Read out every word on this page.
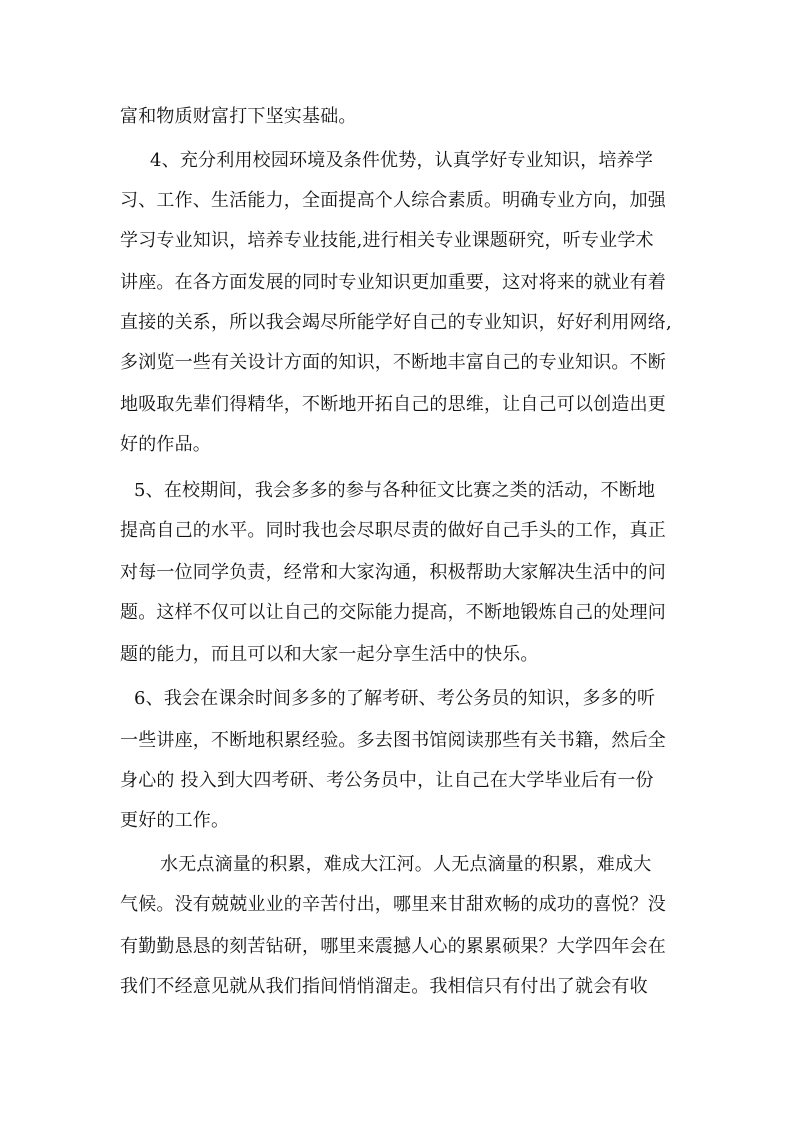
富和物质财富打下坚实基础。
4、充分利用校园环境及条件优势，认真学好专业知识，培养学
习、工作、生活能力，全面提高个人综合素质。明确专业方向，加强
学习专业知识，培养专业技能,进行相关专业课题研究，听专业学术
讲座。在各方面发展的同时专业知识更加重要，这对将来的就业有着
直接的关系，所以我会竭尽所能学好自己的专业知识，好好利用网络,
多浏览一些有关设计方面的知识，不断地丰富自己的专业知识。不断
地吸取先辈们得精华，不断地开拓自己的思维，让自己可以创造出更
好的作品。
5、在校期间，我会多多的参与各种征文比赛之类的活动，不断地
提高自己的水平。同时我也会尽职尽责的做好自己手头的工作，真正
对每一位同学负责，经常和大家沟通，积极帮助大家解决生活中的问
题。这样不仅可以让自己的交际能力提高，不断地锻炼自己的处理问
题的能力，而且可以和大家一起分享生活中的快乐。
6、我会在课余时间多多的了解考研、考公务员的知识，多多的听
一些讲座，不断地积累经验。多去图书馆阅读那些有关书籍，然后全
身心的 投入到大四考研、考公务员中，让自己在大学毕业后有一份
更好的工作。
水无点滴量的积累，难成大江河。人无点滴量的积累，难成大
气候。没有兢兢业业的辛苦付出，哪里来甘甜欢畅的成功的喜悦？没
有勤勤恳恳的刻苦钻研，哪里来震撼人心的累累硕果？大学四年会在
我们不经意见就从我们指间悄悄溜走。我相信只有付出了就会有收
